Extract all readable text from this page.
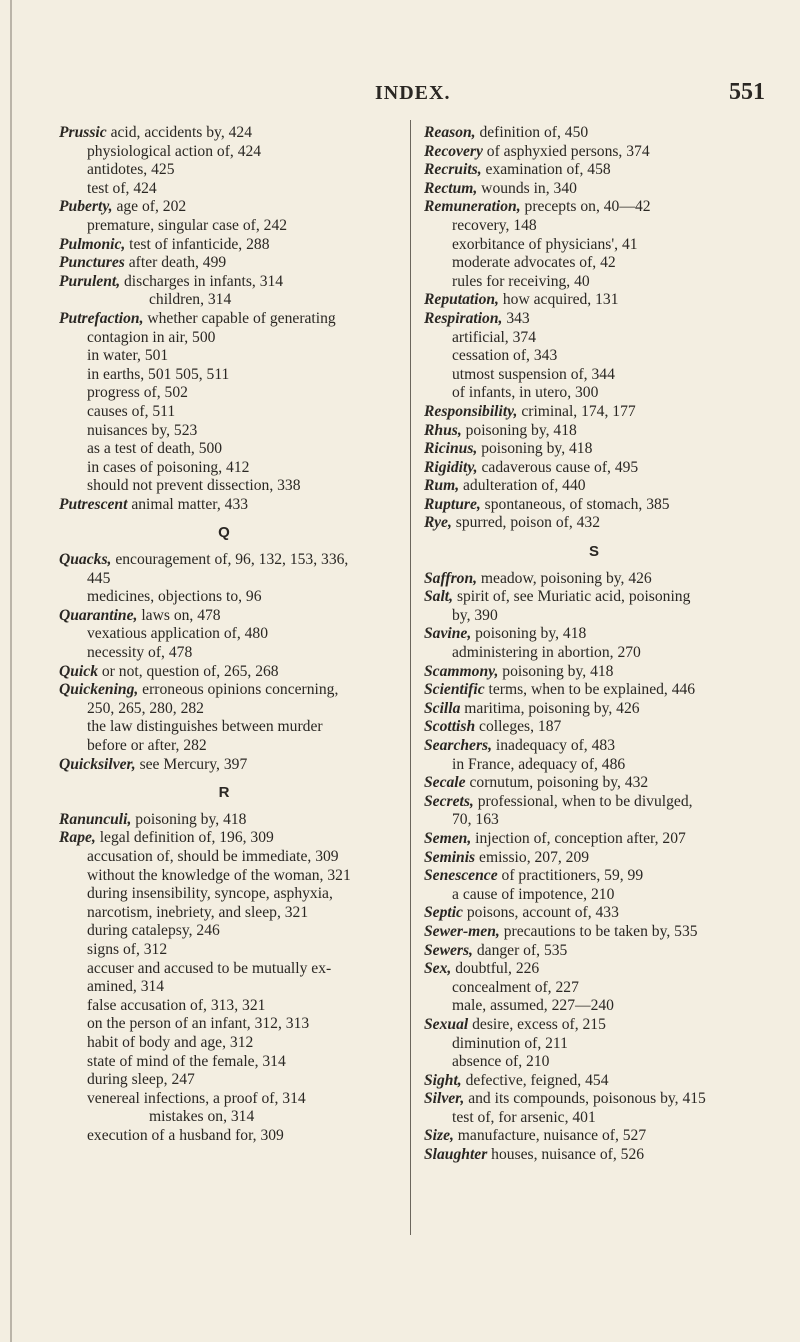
INDEX.	551
Prussic acid, accidents by, 424
physiological action of, 424
antidotes, 425
test of, 424
Puberty, age of, 202
premature, singular case of, 242
Pulmonic, test of infanticide, 288
Punctures after death, 499
Purulent, discharges in infants, 314
children, 314
Putrefaction, whether capable of generating
contagion in air, 500
in water, 501
in earths, 501 505, 511
progress of, 502
causes of, 511
nuisances by, 523
as a test of death, 500
in cases of poisoning, 412
should not prevent dissection, 338
Putrescent animal matter, 433
Q
Quacks, encouragement of, 96, 132, 153, 336,
445
medicines, objections to, 96
Quarantine, laws on, 478
vexatious application of, 480
necessity of, 478
Quick or not, question of, 265, 268
Quickening, erroneous opinions concerning,
250, 265, 280, 282
the law distinguishes between murder
before or after, 282
Quicksilver, see Mercury, 397
R
Ranunculi, poisoning by, 418
Rape, legal definition of, 196, 309
accusation of, should be immediate, 309
without the knowledge of the woman, 321
during insensibility, syncope, asphyxia,
narcotism, inebriety, and sleep, 321
during catalepsy, 246
signs of, 312
accuser and accused to be mutually ex-
amined, 314
false accusation of, 313, 321
on the person of an infant, 312, 313
habit of body and age, 312
state of mind of the female, 314
during sleep, 247
venereal infections, a proof of, 314
mistakes on, 314
execution of a husband for, 309
Reason, definition of, 450
Recovery of asphyxied persons, 374
Recruits, examination of, 458
Rectum, wounds in, 340
Remuneration, precepts on, 40—42
recovery, 148
exorbitance of physicians', 41
moderate advocates of, 42
rules for receiving, 40
Reputation, how acquired, 131
Respiration, 343
artificial, 374
cessation of, 343
utmost suspension of, 344
of infants, in utero, 300
Responsibility, criminal, 174, 177
Rhus, poisoning by, 418
Ricinus, poisoning by, 418
Rigidity, cadaverous cause of, 495
Rum, adulteration of, 440
Rupture, spontaneous, of stomach, 385
Rye, spurred, poison of, 432
S
Saffron, meadow, poisoning by, 426
Salt, spirit of, see Muriatic acid, poisoning
by, 390
Savine, poisoning by, 418
administering in abortion, 270
Scammony, poisoning by, 418
Scientific terms, when to be explained, 446
Scilla maritima, poisoning by, 426
Scottish colleges, 187
Searchers, inadequacy of, 483
in France, adequacy of, 486
Secale cornutum, poisoning by, 432
Secrets, professional, when to be divulged,
70, 163
Semen, injection of, conception after, 207
Seminis emissio, 207, 209
Senescence of practitioners, 59, 99
a cause of impotence, 210
Septic poisons, account of, 433
Sewer-men, precautions to be taken by, 535
Sewers, danger of, 535
Sex, doubtful, 226
concealment of, 227
male, assumed, 227—240
Sexual desire, excess of, 215
diminution of, 211
absence of, 210
Sight, defective, feigned, 454
Silver, and its compounds, poisonous by, 415
test of, for arsenic, 401
Size, manufacture, nuisance of, 527
Slaughter houses, nuisance of, 526
